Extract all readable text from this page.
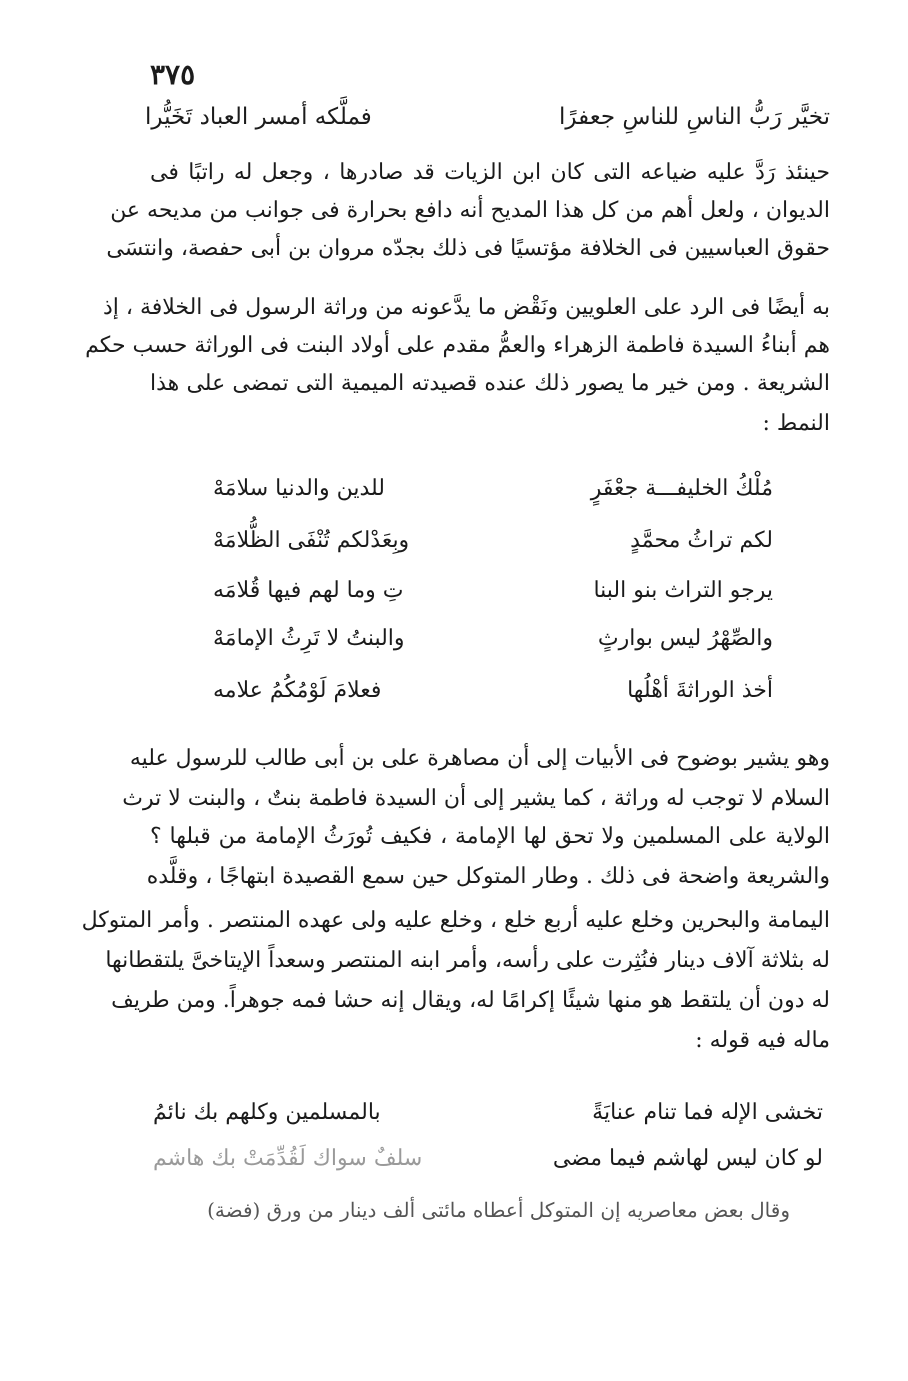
٣٧٥
تخيَّر رَبُّ الناسِ للناسِ جعفرًا
فملَّكه أمسر العباد تَخَيُّرا
حينئذ رَدَّ عليه ضياعه التى كان ابن الزيات قد صادرها ، وجعل له راتبًا فى
الديوان ، ولعل أهم من كل هذا المديح أنه دافع بحرارة فى جوانب من مديحه عن
حقوق العباسيين فى الخلافة مؤتسيًا فى ذلك بجدّه مروان بن أبى حفصة، وانتسَى
به أيضًا فى الرد على العلويين ونَقْض ما يدَّعونه من وراثة الرسول فى الخلافة ، إذ
هم أبناءُ السيدة فاطمة الزهراء والعمُّ مقدم على أولاد البنت فى الوراثة حسب حكم
الشريعة . ومن خير ما يصور ذلك عنده قصيدته الميمية التى تمضى على هذا
النمط :
مُلْكُ الخليفـــة جعْفَرٍ
للدين والدنيا سلامَهْ
لكم تراثُ محمَّدٍ
وبِعَدْلكم تُنْفَى الظُّلامَهْ
يرجو التراث بنو البنا
تِ وما لهم فيها قُلامَه
والصِّهْرُ ليس بوارثٍ
والبنتُ لا تَرِثُ الإمامَهْ
أخذ الوراثةَ أهْلُها
فعلامَ لَوْمُكُمُ علامه
وهو يشير بوضوح فى الأبيات إلى أن مصاهرة على بن أبى طالب للرسول عليه
السلام لا توجب له وراثة ، كما يشير إلى أن السيدة فاطمة بنتٌ ، والبنت لا ترث
الولاية على المسلمين ولا تحق لها الإمامة ، فكيف تُورَثُ الإمامة من قبلها ؟
والشريعة واضحة فى ذلك . وطار المتوكل حين سمع القصيدة ابتهاجًا ، وقلَّده
اليمامة والبحرين وخلع عليه أربع خلع ، وخلع عليه ولى عهده المنتصر . وأمر المتوكل
له بثلاثة آلاف دينار فنُثِرت على رأسه، وأمر ابنه المنتصر وسعداً الإيتاخىَّ يلتقطانها
له دون أن يلتقط هو منها شيئًا إكرامًا له، ويقال إنه حشا فمه جوهراً. ومن طريف
ماله فيه قوله :
تخشى الإله فما تنام عنايَةً
بالمسلمين وكلهم بك نائمُ
لو كان ليس لهاشم فيما مضى
سلفٌ سواك لَقُدِّمَتْ بك هاشم
وقال بعض معاصريه إن المتوكل أعطاه مائتى ألف دينار من ورق (فضة)
